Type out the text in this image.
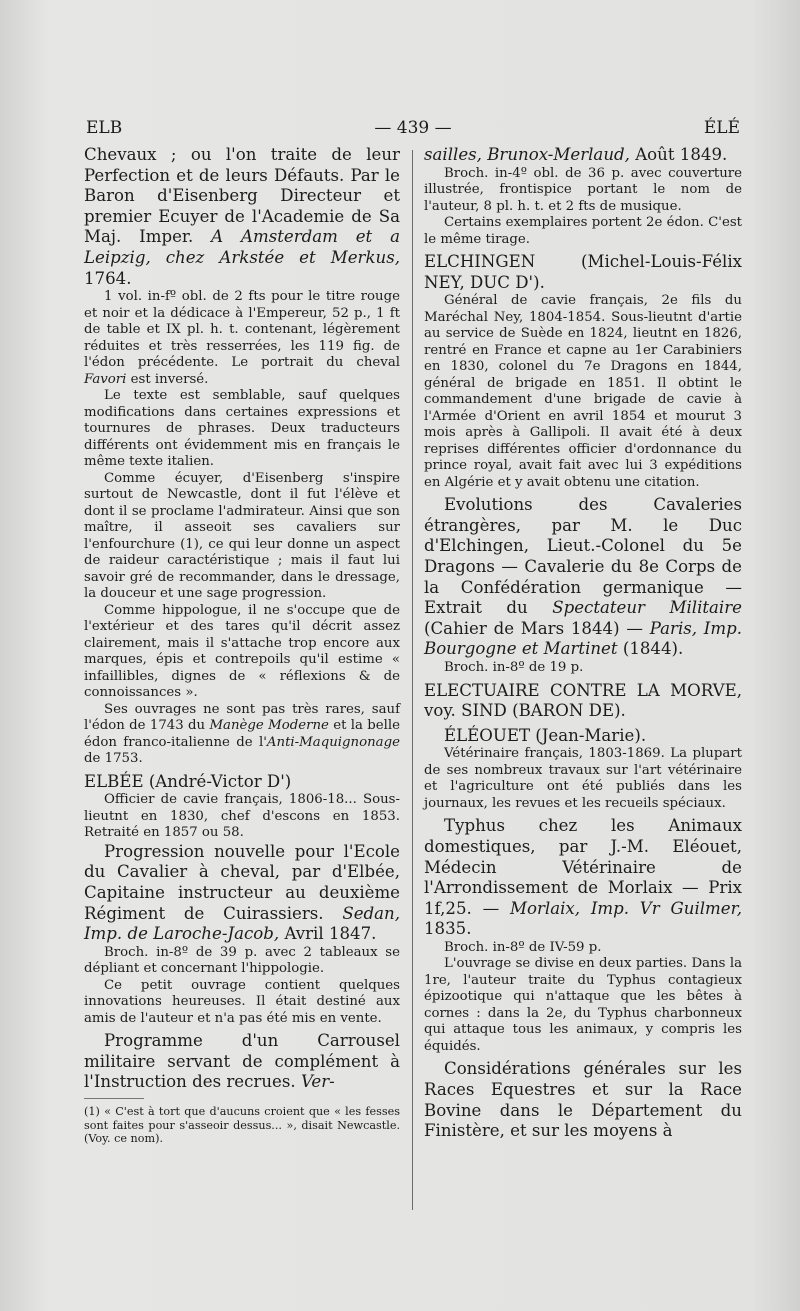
ELB	— 439 —	ÉLÉ

Chevaux ; ou l'on traite de leur Perfection et de leurs Défauts. Par le Baron d'Eisenberg Directeur et premier Ecuyer de l'Academie de Sa Maj. Imper. A Amsterdam et a Leipzig, chez Arkstée et Merkus, 1764.

1 vol. in-fº obl. de 2 fts pour le titre rouge et noir et la dédicace à l'Empereur, 52 p., 1 ft de table et IX pl. h. t. contenant, légèrement réduites et très resserrées, les 119 fig. de l'édon précédente. Le portrait du cheval Favori est inversé.

Le texte est semblable, sauf quelques modifications dans certaines expressions et tournures de phrases. Deux traducteurs différents ont évidemment mis en français le même texte italien.

Comme écuyer, d'Eisenberg s'inspire surtout de Newcastle, dont il fut l'élève et dont il se proclame l'admirateur. Ainsi que son maître, il asseoit ses cavaliers sur l'enfourchure (1), ce qui leur donne un aspect de raideur caractéristique ; mais il faut lui savoir gré de recommander, dans le dressage, la douceur et une sage progression.

Comme hippologue, il ne s'occupe que de l'extérieur et des tares qu'il décrit assez clairement, mais il s'attache trop encore aux marques, épis et contrepoils qu'il estime « infaillibles, dignes de « réflexions & de connoissances ».

Ses ouvrages ne sont pas très rares, sauf l'édon de 1743 du Manège Moderne et la belle édon franco-italienne de l'Anti-Maquignonage de 1753.

ELBÉE (André-Victor D')

Officier de cavie français, 1806-18... Sous-lieutnt en 1830, chef d'escons en 1853. Retraité en 1857 ou 58.

Progression nouvelle pour l'Ecole du Cavalier à cheval, par d'Elbée, Capitaine instructeur au deuxième Régiment de Cuirassiers. Sedan, Imp. de Laroche-Jacob, Avril 1847.

Broch. in-8º de 39 p. avec 2 tableaux se dépliant et concernant l'hippologie.

Ce petit ouvrage contient quelques innovations heureuses. Il était destiné aux amis de l'auteur et n'a pas été mis en vente.

Programme d'un Carrousel militaire servant de complément à l'Instruction des recrues. Ver-

(1) « C'est à tort que d'aucuns croient que « les fesses sont faites pour s'asseoir dessus... », disait Newcastle. (Voy. ce nom).

sailles, Brunox-Merlaud, Août 1849.

Broch. in-4º obl. de 36 p. avec couverture illustrée, frontispice portant le nom de l'auteur, 8 pl. h. t. et 2 fts de musique.

Certains exemplaires portent 2e édon. C'est le même tirage.

ELCHINGEN (Michel-Louis-Félix NEY, DUC D').

Général de cavie français, 2e fils du Maréchal Ney, 1804-1854. Sous-lieutnt d'artie au service de Suède en 1824, lieutnt en 1826, rentré en France et capne au 1er Carabiniers en 1830, colonel du 7e Dragons en 1844, général de brigade en 1851. Il obtint le commandement d'une brigade de cavie à l'Armée d'Orient en avril 1854 et mourut 3 mois après à Gallipoli. Il avait été à deux reprises différentes officier d'ordonnance du prince royal, avait fait avec lui 3 expéditions en Algérie et y avait obtenu une citation.

Evolutions des Cavaleries étrangères, par M. le Duc d'Elchingen, Lieut.-Colonel du 5e Dragons — Cavalerie du 8e Corps de la Confédération germanique — Extrait du Spectateur Militaire (Cahier de Mars 1844) — Paris, Imp. Bourgogne et Martinet (1844).

Broch. in-8º de 19 p.

ELECTUAIRE CONTRE LA MORVE, voy. SIND (BARON DE).

ÉLÉOUET (Jean-Marie).

Vétérinaire français, 1803-1869. La plupart de ses nombreux travaux sur l'art vétérinaire et l'agriculture ont été publiés dans les journaux, les revues et les recueils spéciaux.

Typhus chez les Animaux domestiques, par J.-M. Eléouet, Médecin Vétérinaire de l'Arrondissement de Morlaix — Prix 1f,25. — Morlaix, Imp. Vr Guilmer, 1835.

Broch. in-8º de IV-59 p.

L'ouvrage se divise en deux parties. Dans la 1re, l'auteur traite du Typhus contagieux épizootique qui n'attaque que les bêtes à cornes : dans la 2e, du Typhus charbonneux qui attaque tous les animaux, y compris les équidés.

Considérations générales sur les Races Equestres et sur la Race Bovine dans le Département du Finistère, et sur les moyens à
